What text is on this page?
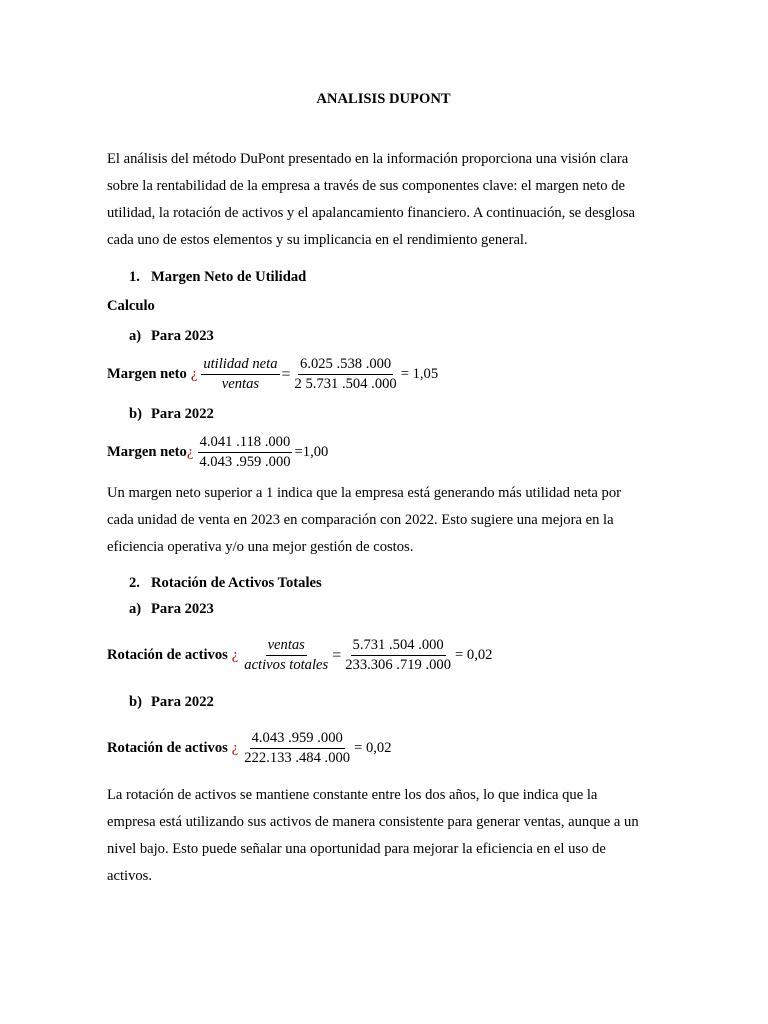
ANALISIS DUPONT
El análisis del método DuPont presentado en la información proporciona una visión clara
sobre la rentabilidad de la empresa a través de sus componentes clave: el margen neto de
utilidad, la rotación de activos y el apalancamiento financiero. A continuación, se desglosa
cada uno de estos elementos y su implicancia en el rendimiento general.
1. Margen Neto de Utilidad
Calculo
a) Para 2023
Margen neto ¿ $\frac{\text{utilidad neta}}{\text{ventas}} = \frac{6.025 .538 .000}{2 5.731 .504 .000} = 1,05$
b) Para 2022
Margen neto ¿ $\frac{4.041 .118 .000}{4.043 .959 .000} =1,00$
Un margen neto superior a 1 indica que la empresa está generando más utilidad neta por
cada unidad de venta en 2023 en comparación con 2022. Esto sugiere una mejora en la
eficiencia operativa y/o una mejor gestión de costos.
2. Rotación de Activos Totales
a) Para 2023
Rotación de activos ¿ $\frac{\text{ventas}}{\text{activos totales}} = \frac{5.731 .504 .000}{233.306 .719 .000} = 0,02$
b) Para 2022
Rotación de activos ¿ $\frac{4.043 .959 .000}{222.133 .484 .000} = 0,02$
La rotación de activos se mantiene constante entre los dos años, lo que indica que la
empresa está utilizando sus activos de manera consistente para generar ventas, aunque a un
nivel bajo. Esto puede señalar una oportunidad para mejorar la eficiencia en el uso de
activos.
